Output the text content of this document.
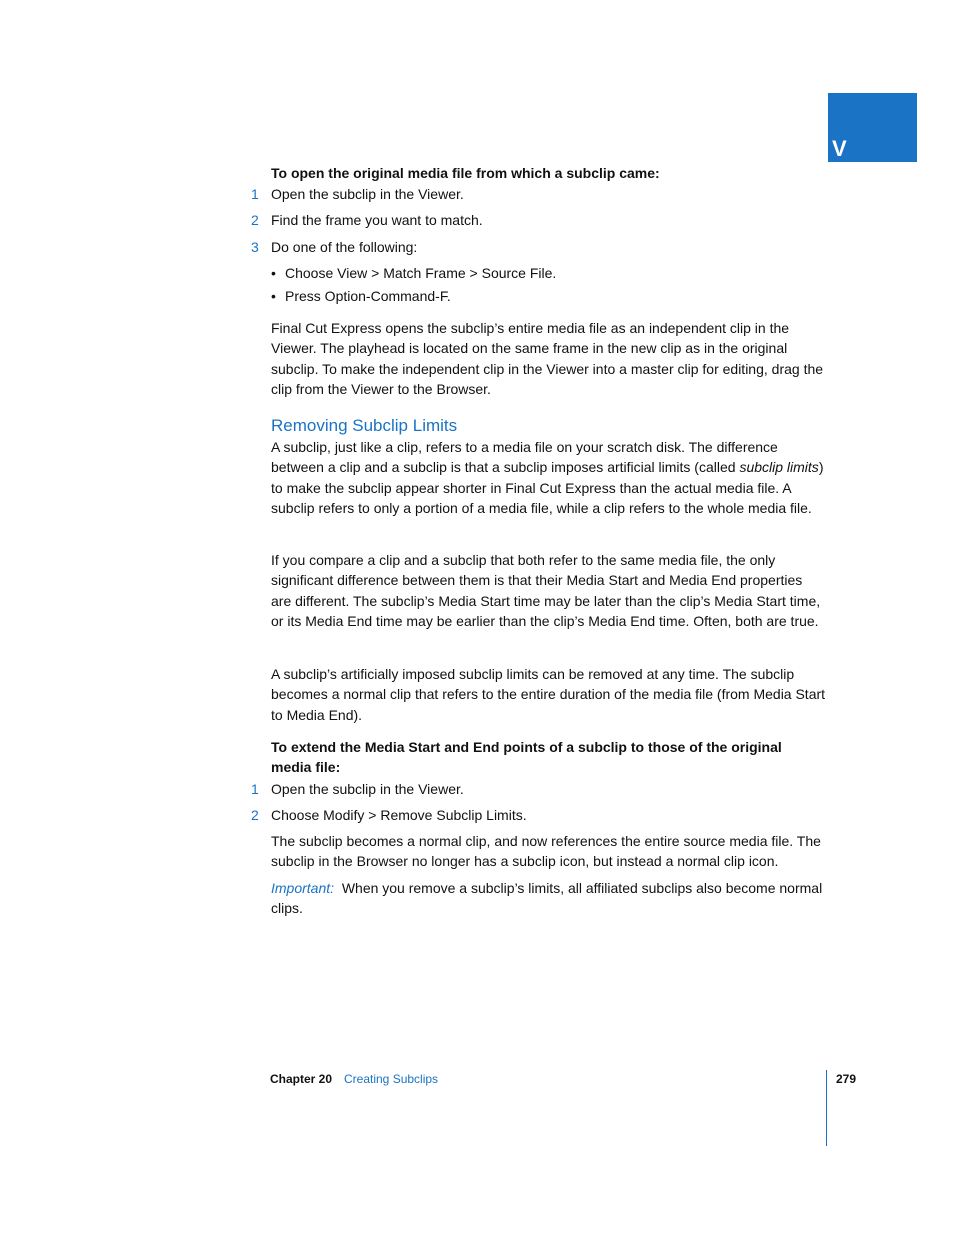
V
To open the original media file from which a subclip came:
1 Open the subclip in the Viewer.
2 Find the frame you want to match.
3 Do one of the following:
• Choose View > Match Frame > Source File.
• Press Option-Command-F.
Final Cut Express opens the subclip’s entire media file as an independent clip in the Viewer. The playhead is located on the same frame in the new clip as in the original subclip. To make the independent clip in the Viewer into a master clip for editing, drag the clip from the Viewer to the Browser.
Removing Subclip Limits
A subclip, just like a clip, refers to a media file on your scratch disk. The difference between a clip and a subclip is that a subclip imposes artificial limits (called subclip limits) to make the subclip appear shorter in Final Cut Express than the actual media file. A subclip refers to only a portion of a media file, while a clip refers to the whole media file.
If you compare a clip and a subclip that both refer to the same media file, the only significant difference between them is that their Media Start and Media End properties are different. The subclip’s Media Start time may be later than the clip’s Media Start time, or its Media End time may be earlier than the clip’s Media End time. Often, both are true.
A subclip’s artificially imposed subclip limits can be removed at any time. The subclip becomes a normal clip that refers to the entire duration of the media file (from Media Start to Media End).
To extend the Media Start and End points of a subclip to those of the original media file:
1 Open the subclip in the Viewer.
2 Choose Modify > Remove Subclip Limits.
The subclip becomes a normal clip, and now references the entire source media file. The subclip in the Browser no longer has a subclip icon, but instead a normal clip icon.
Important: When you remove a subclip’s limits, all affiliated subclips also become normal clips.
Chapter 20 Creating Subclips	279
